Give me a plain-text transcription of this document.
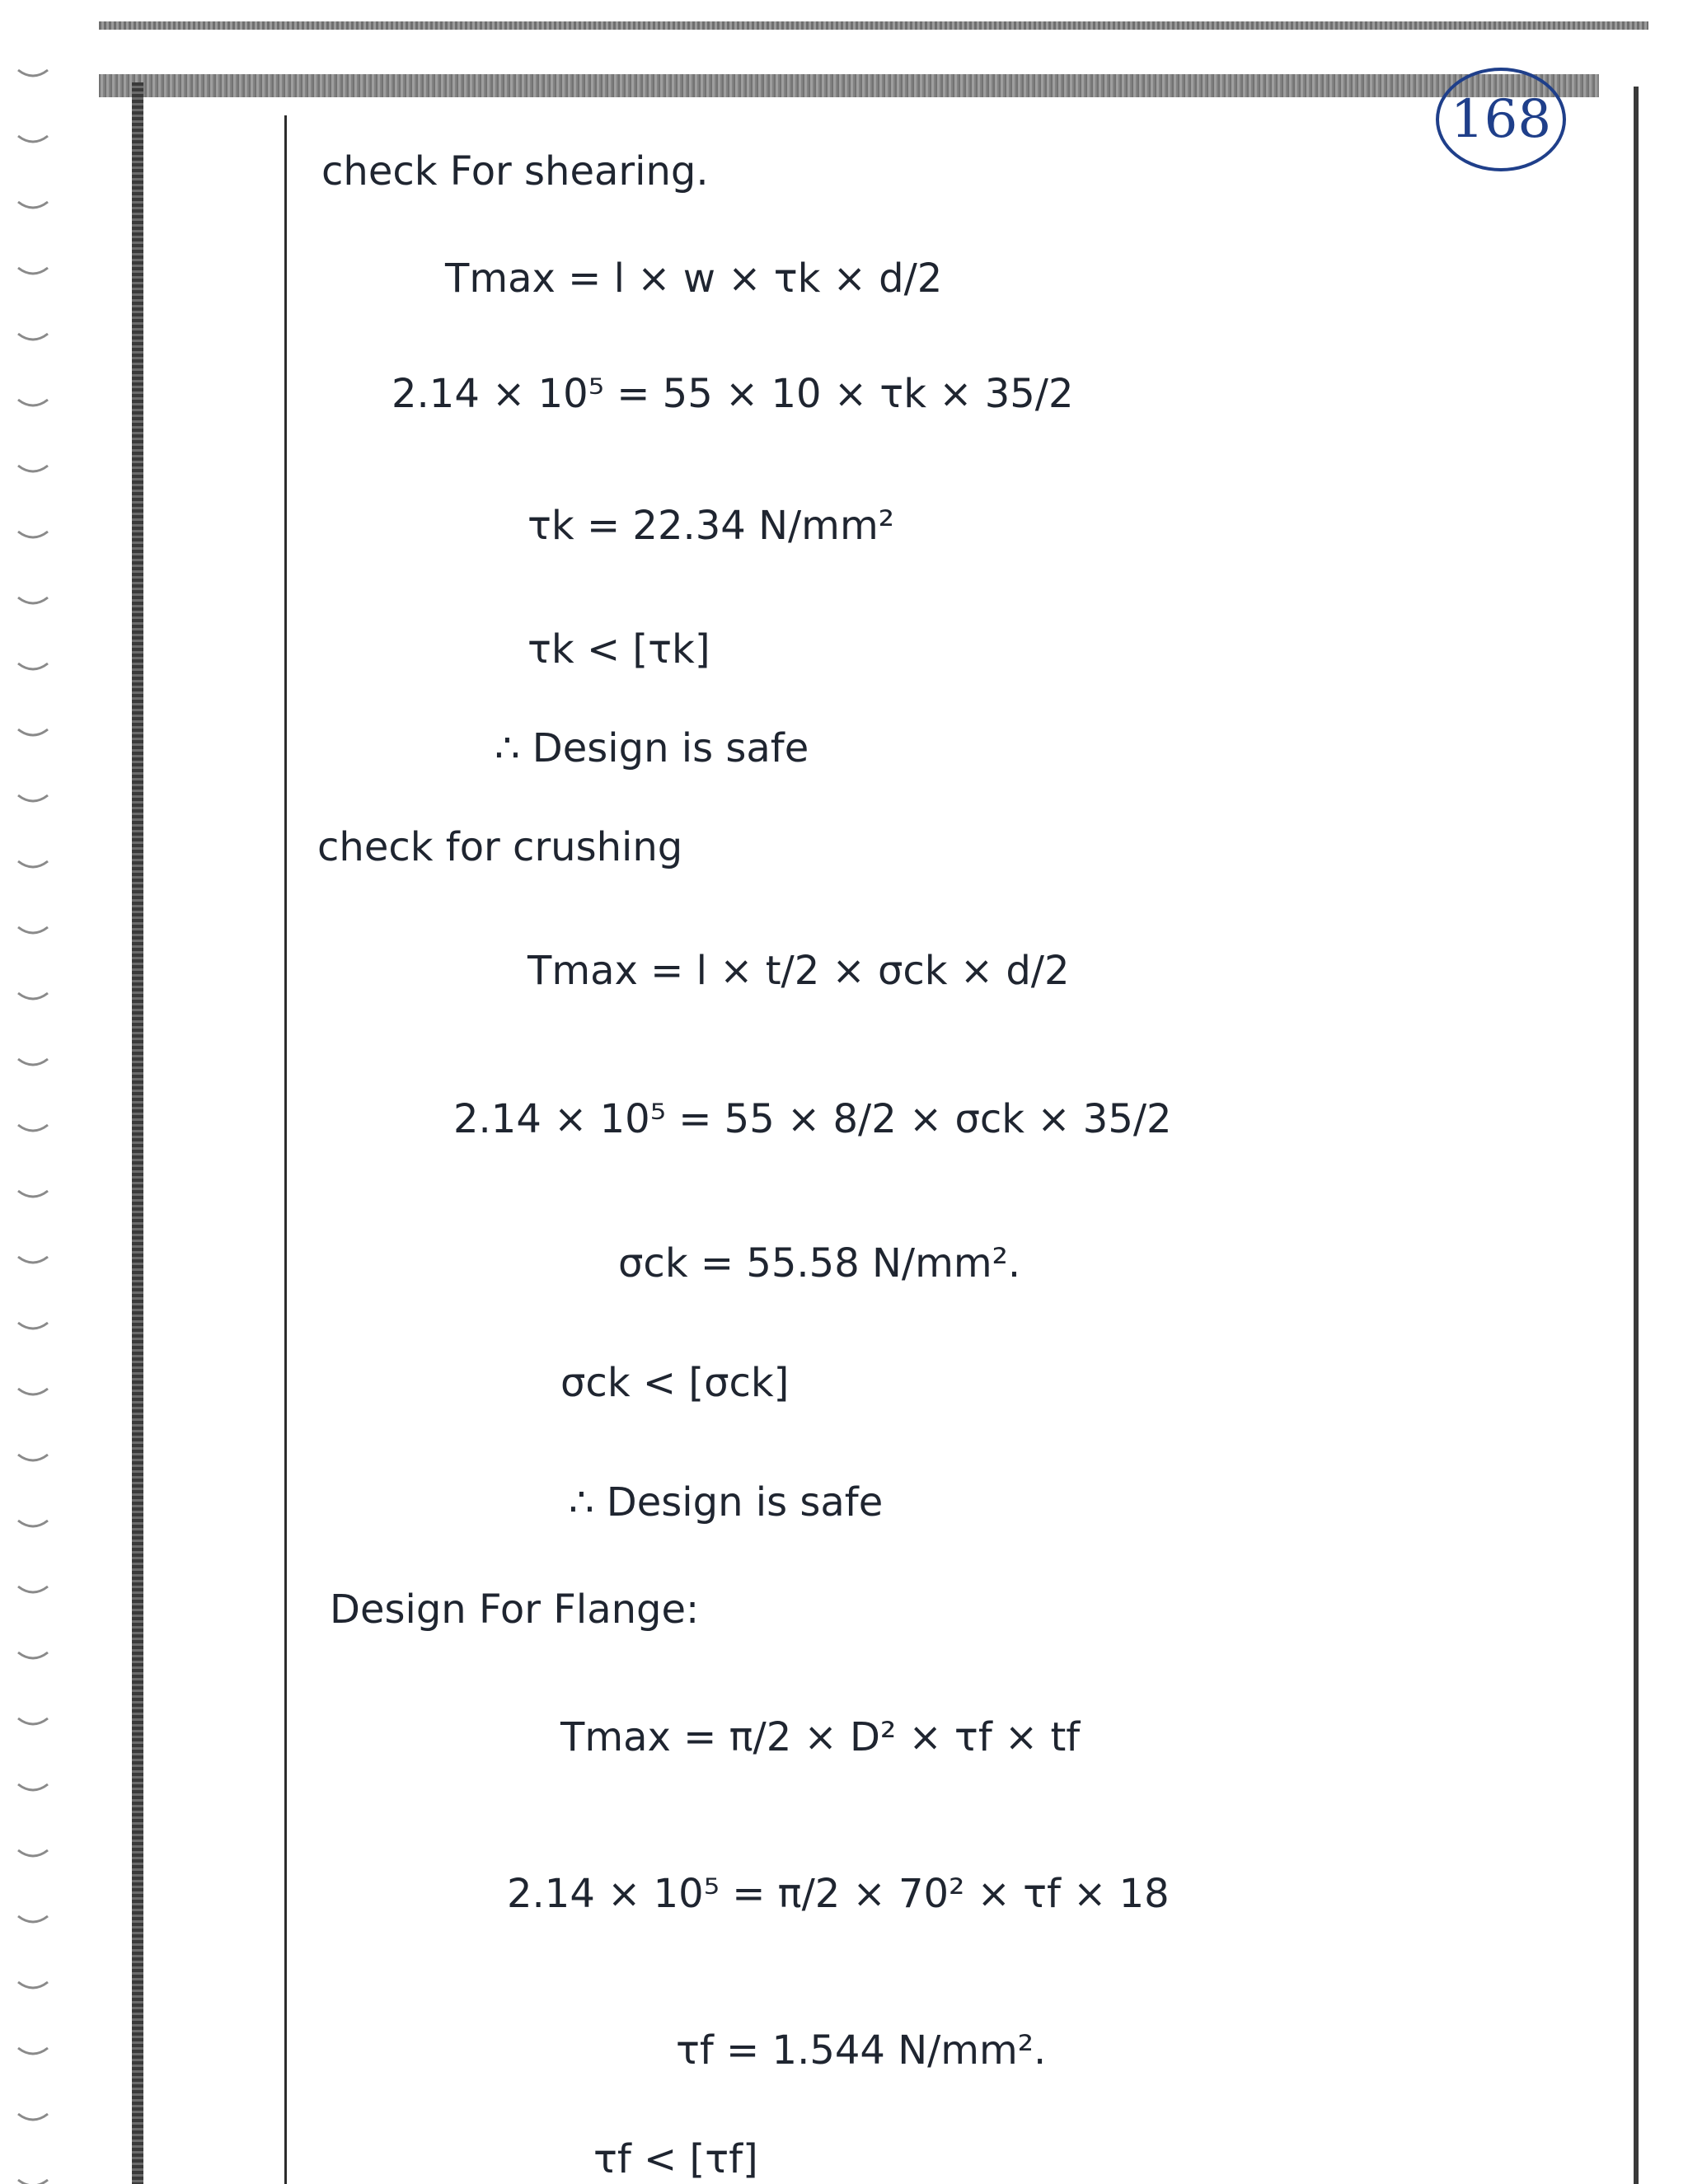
168
check For shearing.
Tmax = l × w × τk × d/2
2.14 × 10⁵ = 55 × 10 × τk × 35/2
τk = 22.34 N/mm²
τk < [τk]
∴ Design is safe
check for crushing
Tmax = l × t/2 × σck × d/2
2.14 × 10⁵ = 55 × 8/2 × σck × 35/2
σck = 55.58 N/mm².
σck < [σck]
∴ Design is safe
Design For Flange:
Tmax = π/2 × D² × τf × tf
2.14 × 10⁵ = π/2 × 70² × τf × 18
τf = 1.544 N/mm².
τf < [τf]
